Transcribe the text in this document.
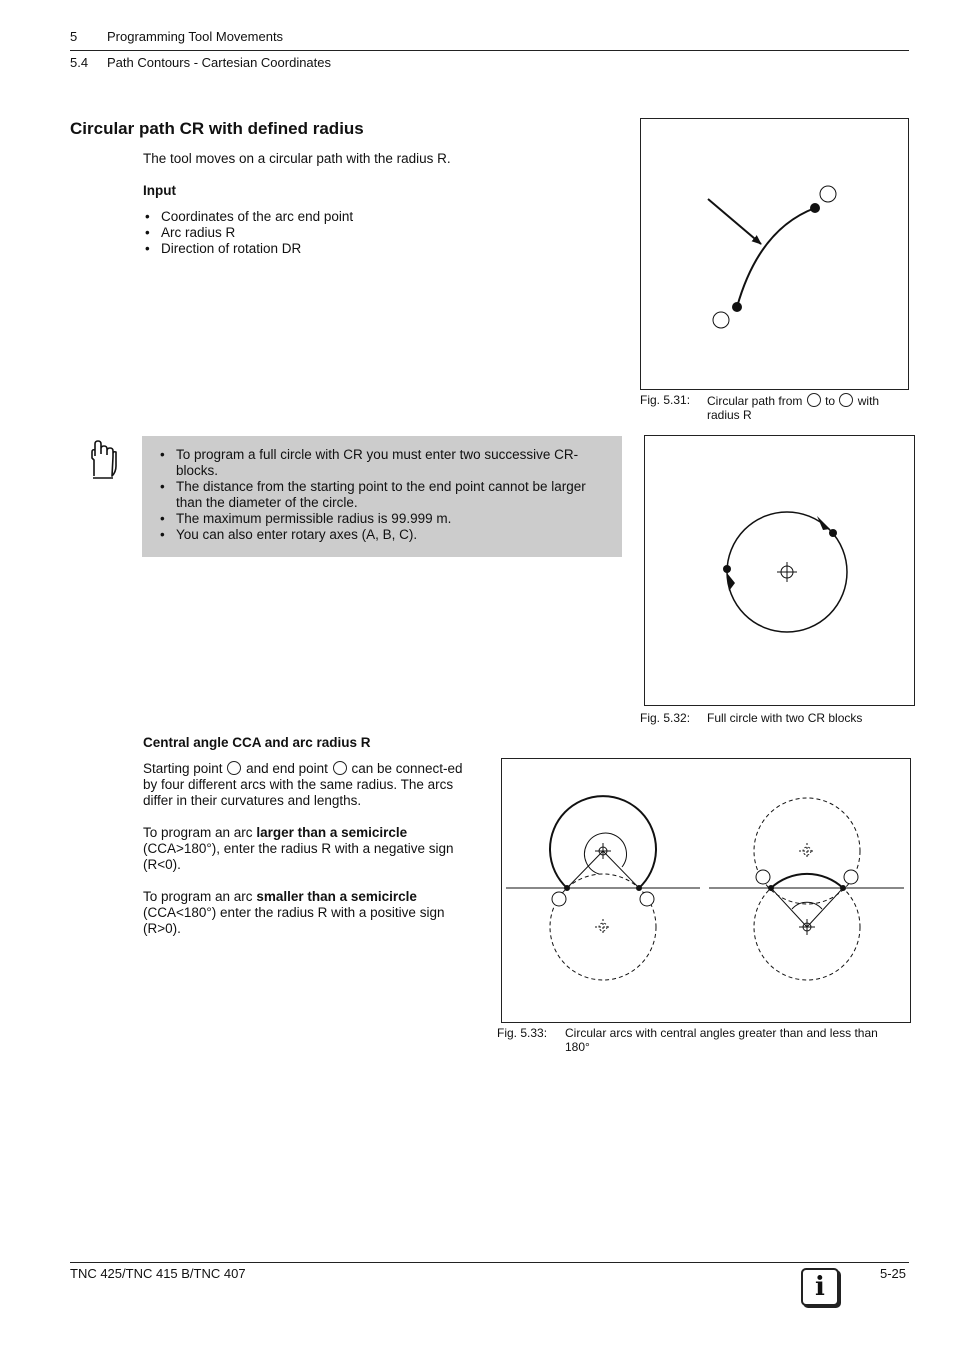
5 Programming Tool Movements
5.4 Path Contours - Cartesian Coordinates
Circular path CR with defined radius
The tool moves on a circular path with the radius R.
Input
• Coordinates of the arc end point
• Arc radius R
• Direction of rotation DR
Fig. 5.31: Circular path from to with
radius R
• To program a full circle with CR you must enter two successive CR-blocks.
• The distance from the starting point to the end point cannot be larger than the diameter of the circle.
• The maximum permissible radius is 99.999 m.
• You can also enter rotary axes (A, B, C).
Fig. 5.32: Full circle with two CR blocks
Central angle CCA and arc radius R
Starting point and end point can be connect-ed by four different arcs with the same radius. The arcs differ in their curvatures and lengths.
To program an arc larger than a semicircle (CCA>180°), enter the radius R with a negative sign (R<0).
To program an arc smaller than a semicircle (CCA<180°) enter the radius R with a positive sign (R>0).
Fig. 5.33: Circular arcs with central angles greater than and less than 180°
TNC 425/TNC 415 B/TNC 407	5-25
i
